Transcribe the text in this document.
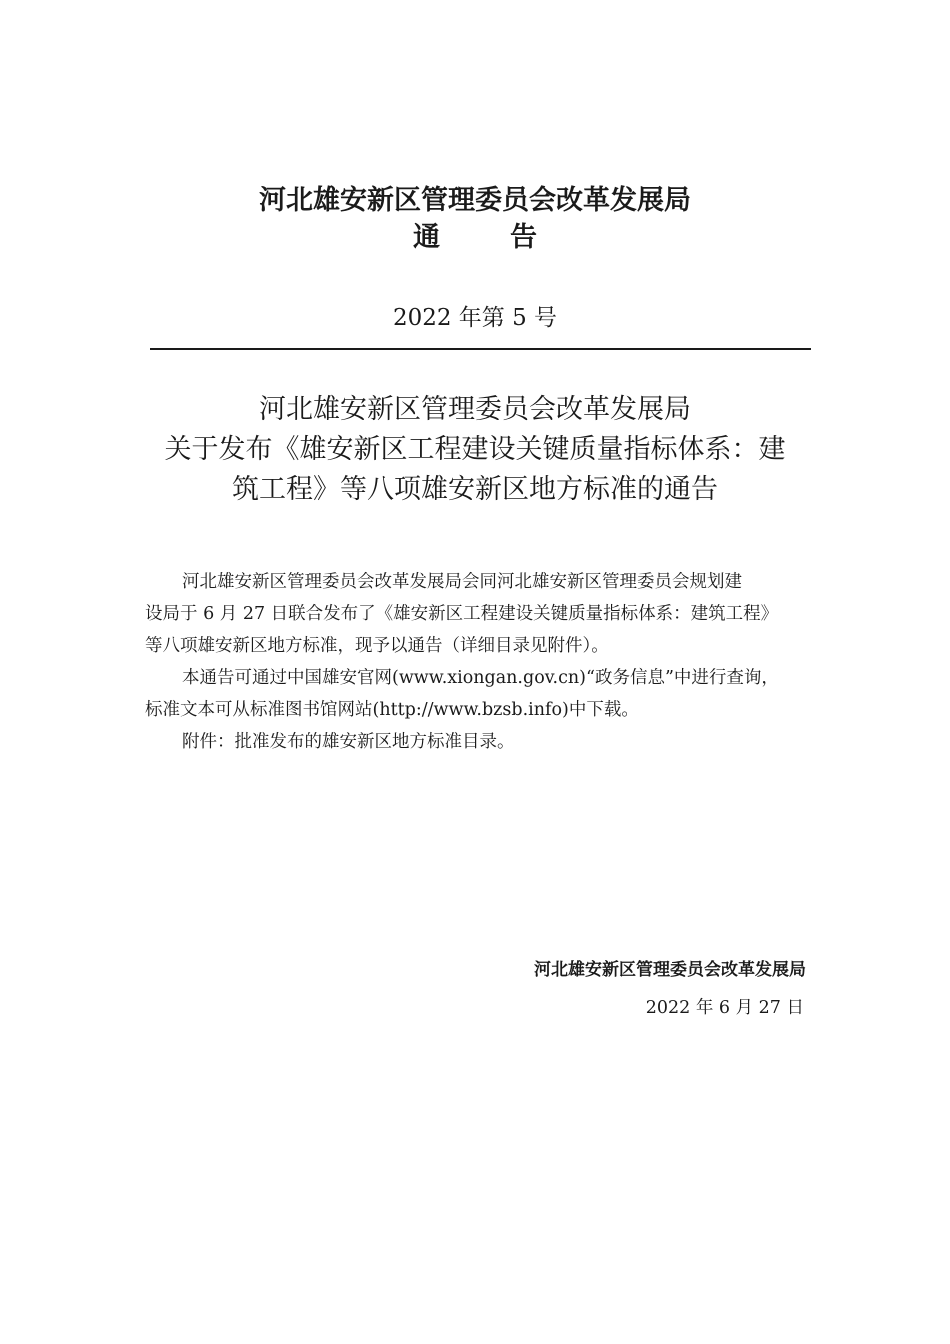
河北雄安新区管理委员会改革发展局
通告
2022 年第 5 号
河北雄安新区管理委员会改革发展局
关于发布《雄安新区工程建设关键质量指标体系：建
筑工程》等八项雄安新区地方标准的通告

河北雄安新区管理委员会改革发展局会同河北雄安新区管理委员会规划建

设局于 6 月 27 日联合发布了《雄安新区工程建设关键质量指标体系：建筑工程》
等八项雄安新区地方标准，现予以通告（详细目录见附件）。

本通告可通过中国雄安官网(www.xiongan.gov.cn)“政务信息”中进行查询，

标准文本可从标准图书馆网站(http://www.bzsb.info)中下载。

附件：批准发布的雄安新区地方标准目录。

河北雄安新区管理委员会改革发展局
2022 年 6 月 27 日
